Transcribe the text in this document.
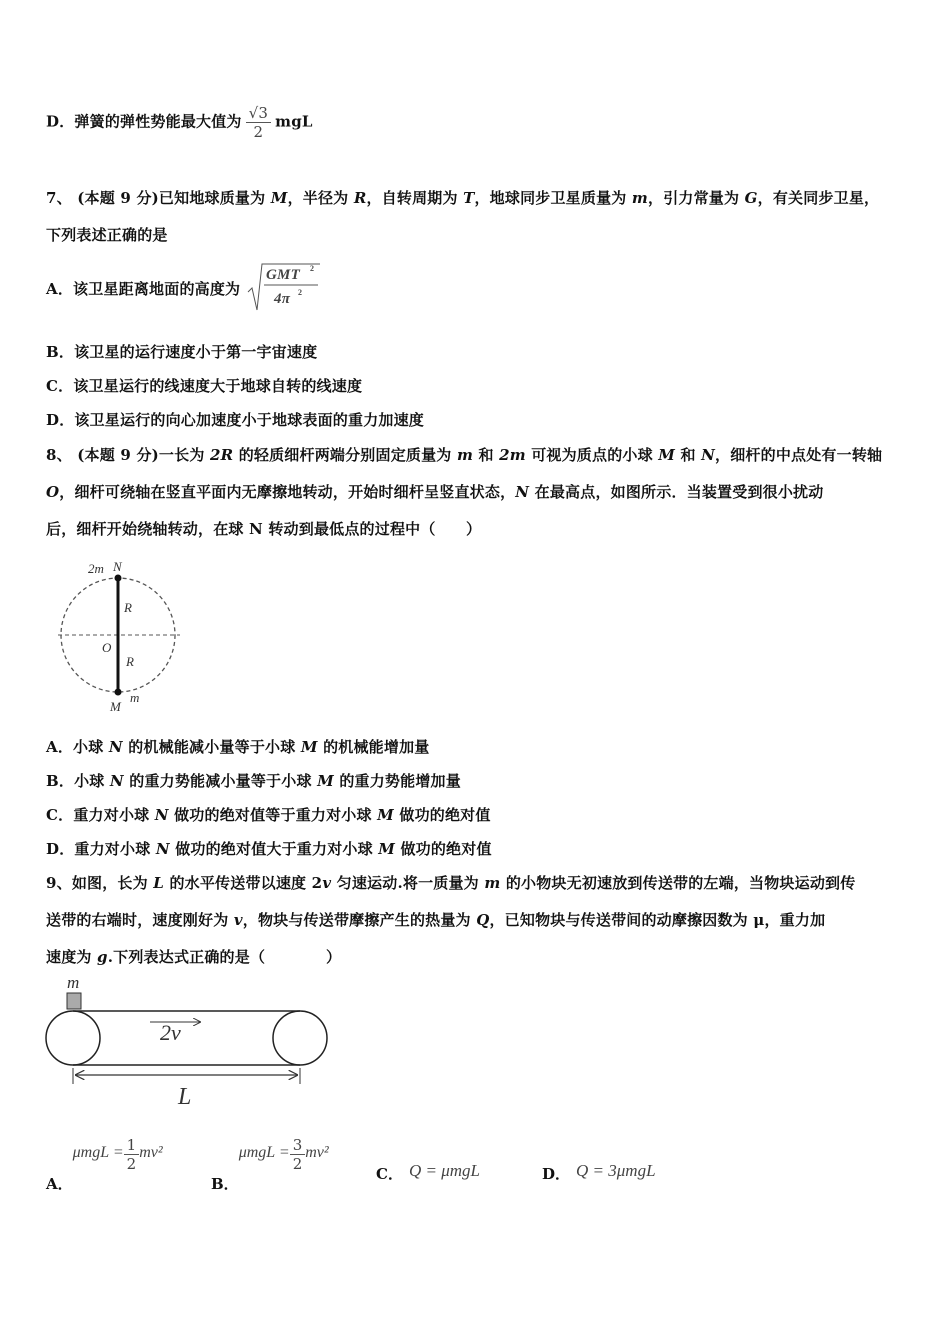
D．弹簧的弹性势能最大值为 $\frac{√3}{2}$ mgL
7、 (本题 9 分)已知地球质量为 M，半径为 R，自转周期为 T，地球同步卫星质量为 m，引力常量为 G，有关同步卫星，
下列表述正确的是
A．该卫星距离地面的高度为
GMT 2
4π 2
B．该卫星的运行速度小于第一宇宙速度
C．该卫星运行的线速度大于地球自转的线速度
D．该卫星运行的向心加速度小于地球表面的重力加速度
8、 (本题 9 分)一长为 2R 的轻质细杆两端分别固定质量为 m 和 2m 可视为质点的小球 M 和 N，细杆的中点处有一转轴
O，细杆可绕轴在竖直平面内无摩擦地转动，开始时细杆呈竖直状态，N 在最高点，如图所示．当装置受到很小扰动
后，细杆开始绕轴转动，在球 N 转动到最低点的过程中（　　）
2m N
R
O
R
M
m
A．小球 N 的机械能减小量等于小球 M 的机械能增加量
B．小球 N 的重力势能减小量等于小球 M 的重力势能增加量
C．重力对小球 N 做功的绝对值等于重力对小球 M 做功的绝对值
D．重力对小球 N 做功的绝对值大于重力对小球 M 做功的绝对值
9、如图，长为 L 的水平传送带以速度 2v 匀速运动.将一质量为 m 的小物块无初速放到传送带的左端，当物块运动到传
送带的右端时，速度刚好为 v，物块与传送带摩擦产生的热量为 Q，已知物块与传送带间的动摩擦因数为 μ，重力加
速度为 g.下列表达式正确的是（　　　　）
m
2v
L
A．$\mu mgL = \frac{1}{2} mv^2$
B．$\mu mgL = \frac{3}{2} mv^2$
C． Q = μmgL	D． Q = 3μmgL
